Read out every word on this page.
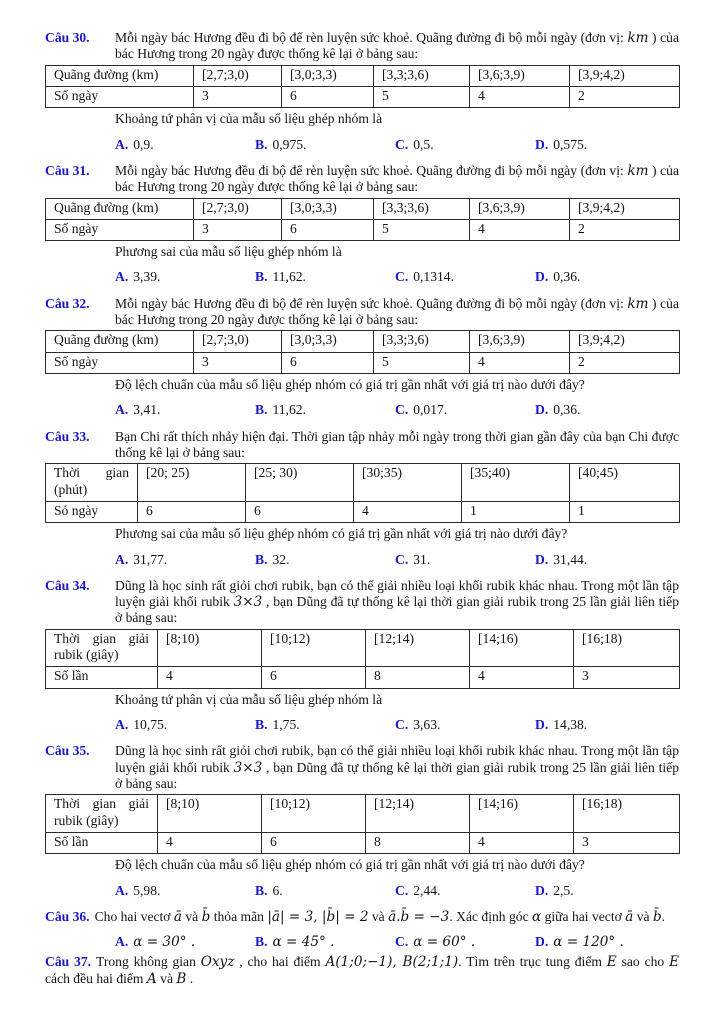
Câu 30.	Mỗi ngày bác Hương đều đi bộ để rèn luyện sức khoẻ. Quãng đường đi bộ mỗi ngày (đơn vị: km ) của bác Hương trong 20 ngày được thống kê lại ở bảng sau:
Quãng đường (km)	[2,7;3,0)	[3,0;3,3)	[3,3;3,6)	[3,6;3,9)	[3,9;4,2)
Số ngày	3	6	5	4	2
Khoảng tứ phân vị của mẫu số liệu ghép nhóm là
A. 0,9.	B. 0,975.	C. 0,5.	D. 0,575.
Câu 31.	Mỗi ngày bác Hương đều đi bộ để rèn luyện sức khoẻ. Quãng đường đi bộ mỗi ngày (đơn vị: km ) của bác Hương trong 20 ngày được thống kê lại ở bảng sau:
Quãng đường (km)	[2,7;3,0)	[3,0;3,3)	[3,3;3,6)	[3,6;3,9)	[3,9;4,2)
Số ngày	3	6	5	4	2
Phương sai của mẫu số liệu ghép nhóm là
A. 3,39.	B. 11,62.	C. 0,1314.	D. 0,36.
Câu 32.	Mỗi ngày bác Hương đều đi bộ để rèn luyện sức khoẻ. Quãng đường đi bộ mỗi ngày (đơn vị: km ) của bác Hương trong 20 ngày được thống kê lại ở bảng sau:
Quãng đường (km)	[2,7;3,0)	[3,0;3,3)	[3,3;3,6)	[3,6;3,9)	[3,9;4,2)
Số ngày	3	6	5	4	2
Độ lệch chuẩn của mẫu số liệu ghép nhóm có giá trị gần nhất với giá trị nào dưới đây?
A. 3,41.	B. 11,62.	C. 0,017.	D. 0,36.
Câu 33.	Bạn Chi rất thích nhảy hiện đại. Thời gian tập nhảy mỗi ngày trong thời gian gần đây của bạn Chi được thống kê lại ở bảng sau:
Thời gian (phút)	[20; 25)	[25; 30)	[30;35)	[35;40)	[40;45)
Só ngày	6	6	4	1	1
Phương sai của mẫu số liệu ghép nhóm có giá trị gần nhất với giá trị nào dưới đây?
A. 31,77.	B. 32.	C. 31.	D. 31,44.
Câu 34.	Dũng là học sinh rất giỏi chơi rubik, bạn có thể giải nhiều loại khối rubik khác nhau. Trong một lần tập luyện giải khối rubik 3×3 , bạn Dũng đã tự thống kê lại thời gian giải rubik trong 25 lần giải liên tiếp ở bảng sau:
Thời gian giải rubik (giây)	[8;10)	[10;12)	[12;14)	[14;16)	[16;18)
Số lần	4	6	8	4	3
Khoảng tứ phân vị của mẫu số liệu ghép nhóm là
A. 10,75.	B. 1,75.	C. 3,63.	D. 14,38.
Câu 35.	Dũng là học sinh rất giỏi chơi rubik, bạn có thể giải nhiều loại khối rubik khác nhau. Trong một lần tập luyện giải khối rubik 3×3 , bạn Dũng đã tự thống kê lại thời gian giải rubik trong 25 lần giải liên tiếp ở bảng sau:
Thời gian giải rubik (giây)	[8;10)	[10;12)	[12;14)	[14;16)	[16;18)
Số lần	4	6	8	4	3
Độ lệch chuẩn của mẫu số liệu ghép nhóm có giá trị gần nhất với giá trị nào dưới đây?
A. 5,98.	B. 6.	C. 2,44.	D. 2,5.
Câu 36. Cho hai vectơ ā và b̄ thỏa mãn |ā| = 3, |b̄| = 2 và ā.b̄ = −3. Xác định góc α giữa hai vectơ ā và b̄.
A. α = 30° .	B. α = 45° .	C. α = 60° .	D. α = 120° .
Câu 37. Trong không gian Oxyz , cho hai điểm A(1;0;−1), B(2;1;1). Tìm trên trục tung điểm E sao cho E cách đều hai điểm A và B .
